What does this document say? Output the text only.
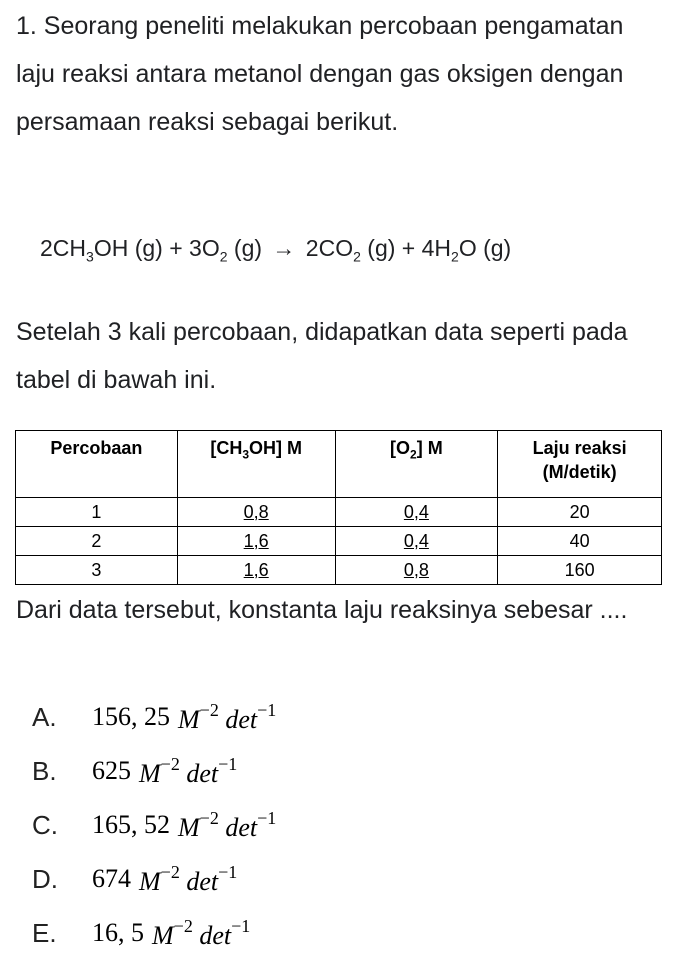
1. Seorang peneliti melakukan percobaan pengamatan laju reaksi antara metanol dengan gas oksigen dengan persamaan reaksi sebagai berikut.

$2CH_3OH$ $(g) + 3O_2$ $(g) \to 2CO_2$ $(g) + 4H_2O$ (g)

Setelah 3 kali percobaan, didapatkan data seperti pada tabel di bawah ini.

Percobaan	$[CH_3OH]$ M	$[O_2]$ M	Laju reaksi (M/detik)
1	0,8	0,4	20
2	1,6	0,4	40
3	1,6	0,8	160

Dari data tersebut, konstanta laju reaksinya sebesar ....

A.	156, 25 $M^{-2}$ $\det^{-1}$
B.	625 $M^{-2}$ $\det^{-1}$
C.	165, 52 $M^{-2}$ $\det^{-1}$
D.	674 $M^{-2}$ $\det^{-1}$
E.	16, 5 $M^{-2}$ $\det^{-1}$
